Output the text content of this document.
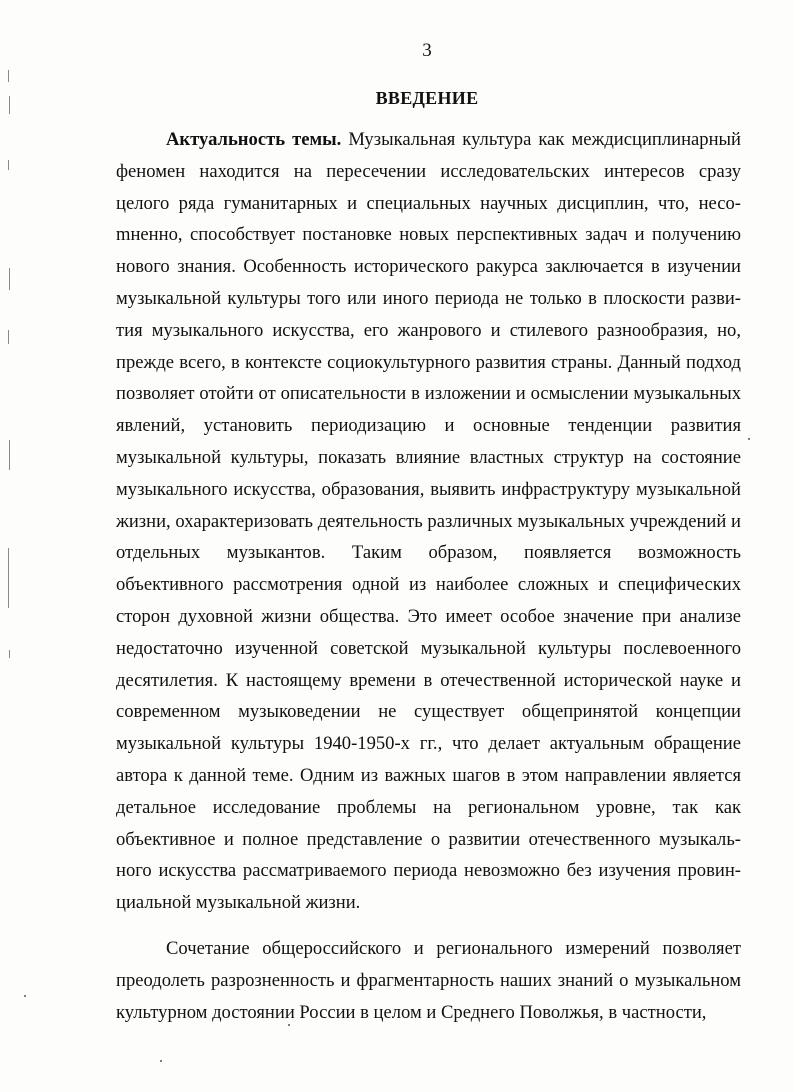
3
ВВЕДЕНИЕ

Актуальность темы. Музыкальная культура как междисциплинарный феномен находится на пересечении исследовательских интересов сразу целого ряда гуманитарных и специальных научных дисциплин, что, несоmненно, способствует постановке новых перспективных задач и получению нового знания. Особенность исторического ракурса заключается в изучении музыкальной культуры того или иного периода не только в плоскости развития музыкального искусства, его жанрового и стилевого разнообразия, но, прежде всего, в контексте социокультурного развития страны. Данный подход позволяет отойти от описательности в изложении и осмыслении музыкальных явлений, установить периодизацию и основные тенденции развития музыкальной культуры, показать влияние властных структур на состояние музыкального искусства, образования, выявить инфраструктуру музыкальной жизни, охарактеризовать деятельность различных музыкальных учреждений и отдельных музыкантов. Таким образом, появляется возможность объективного рассмотрения одной из наиболее сложных и специфических сторон духовной жизни общества. Это имеет особое значение при анализе недостаточно изученной советской музыкальной культуры послевоенного десятилетия. К настоящему времени в отечественной исторической науке и современном музыковедении не существует общепринятой концепции музыкальной культуры 1940-1950-х гг., что делает актуальным обращение автора к данной теме. Одним из важных шагов в этом направлении является детальное исследование проблемы на региональном уровне, так как объективное и полное представление о развитии отечественного музыкального искусства рассматриваемого периода невозможно без изучения провинциальной музыкальной жизни.

Сочетание общероссийского и регионального измерений позволяет преодолеть разрозненность и фрагментарность наших знаний о музыкальном культурном достоянии России в целом и Среднего Поволжья, в частности,
